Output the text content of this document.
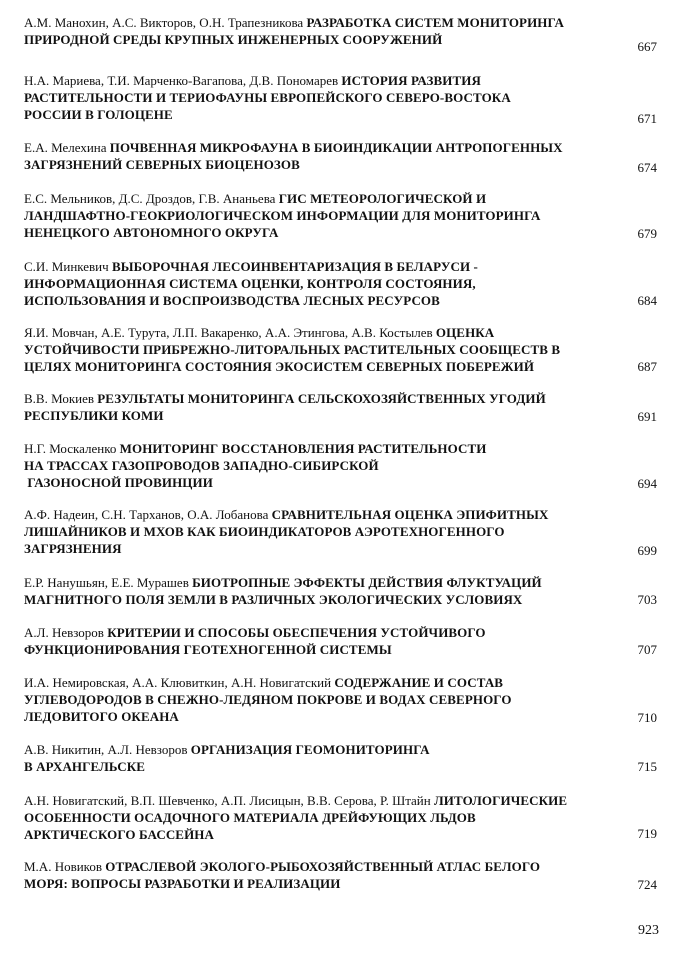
А.М. Манохин, А.С. Викторов, О.Н. Трапезникова РАЗРАБОТКА СИСТЕМ МОНИТОРИНГА
ПРИРОДНОЙ СРЕДЫ КРУПНЫХ ИНЖЕНЕРНЫХ СООРУЖЕНИЙ	667
Н.А. Мариева, Т.И. Марченко-Вагапова, Д.В. Пономарев ИСТОРИЯ РАЗВИТИЯ
РАСТИТЕЛЬНОСТИ И ТЕРИОФАУНЫ ЕВРОПЕЙСКОГО СЕВЕРО-ВОСТОКА
РОССИИ В ГОЛОЦЕНЕ	671
Е.А. Мелехина ПОЧВЕННАЯ МИКРОФАУНА В БИОИНДИКАЦИИ АНТРОПОГЕННЫХ
ЗАГРЯЗНЕНИЙ СЕВЕРНЫХ БИОЦЕНОЗОВ	674
Е.С. Мельников, Д.С. Дроздов, Г.В. Ананьева ГИС МЕТЕОРОЛОГИЧЕСКОЙ И
ЛАНДШАФТНО-ГЕОКРИОЛОГИЧЕСКОМ ИНФОРМАЦИИ ДЛЯ МОНИТОРИНГА
НЕНЕЦКОГО АВТОНОМНОГО ОКРУГА	679
С.И. Минкевич ВЫБОРОЧНАЯ ЛЕСОИНВЕНТАРИЗАЦИЯ В БЕЛАРУСИ -
ИНФОРМАЦИОННАЯ СИСТЕМА ОЦЕНКИ, КОНТРОЛЯ СОСТОЯНИЯ,
ИСПОЛЬЗОВАНИЯ И ВОСПРОИЗВОДСТВА ЛЕСНЫХ РЕСУРСОВ	684
Я.И. Мовчан, А.Е. Турута, Л.П. Вакаренко, А.А. Этингова, А.В. Костылев ОЦЕНКА
УСТОЙЧИВОСТИ ПРИБРЕЖНО-ЛИТОРАЛЬНЫХ РАСТИТЕЛЬНЫХ СООБЩЕСТВ В
ЦЕЛЯХ МОНИТОРИНГА СОСТОЯНИЯ ЭКОСИСТЕМ СЕВЕРНЫХ ПОБЕРЕЖИЙ	687
В.В. Мокиев РЕЗУЛЬТАТЫ МОНИТОРИНГА СЕЛЬСКОХОЗЯЙСТВЕННЫХ УГОДИЙ
РЕСПУБЛИКИ КОМИ	691
Н.Г. Москаленко МОНИТОРИНГ ВОССТАНОВЛЕНИЯ РАСТИТЕЛЬНОСТИ
НА ТРАССАХ ГАЗОПРОВОДОВ ЗАПАДНО-СИБИРСКОЙ
ГАЗОНОСНОЙ ПРОВИНЦИИ	694
А.Ф. Надеин, С.Н. Тарханов, О.А. Лобанова СРАВНИТЕЛЬНАЯ ОЦЕНКА ЭПИФИТНЫХ
ЛИШАЙНИКОВ И МХОВ КАК БИОИНДИКАТОРОВ АЭРОТЕХНОГЕННОГО
ЗАГРЯЗНЕНИЯ	699
Е.Р. Нанушьян, Е.Е. Мурашев БИОТРОПНЫЕ ЭФФЕКТЫ ДЕЙСТВИЯ ФЛУКТУАЦИЙ
МАГНИТНОГО ПОЛЯ ЗЕМЛИ В РАЗЛИЧНЫХ ЭКОЛОГИЧЕСКИХ УСЛОВИЯХ	703
А.Л. Невзоров КРИТЕРИИ И СПОСОБЫ ОБЕСПЕЧЕНИЯ УСТОЙЧИВОГО
ФУНКЦИОНИРОВАНИЯ ГЕОТЕХНОГЕННОЙ СИСТЕМЫ	707
И.А. Немировская, А.А. Клювиткин, А.Н. Новигатский СОДЕРЖАНИЕ И СОСТАВ
УГЛЕВОДОРОДОВ В СНЕЖНО-ЛЕДЯНОМ ПОКРОВЕ И ВОДАХ СЕВЕРНОГО
ЛЕДОВИТОГО ОКЕАНА	710
А.В. Никитин, А.Л. Невзоров ОРГАНИЗАЦИЯ ГЕОМОНИТОРИНГА
В АРХАНГЕЛЬСКЕ	715
А.Н. Новигатский, В.П. Шевченко, А.П. Лисицын, В.В. Серова, Р. Штайн ЛИТОЛОГИЧЕСКИЕ
ОСОБЕННОСТИ ОСАДОЧНОГО МАТЕРИАЛА ДРЕЙФУЮЩИХ ЛЬДОВ
АРКТИЧЕСКОГО БАССЕЙНА	719
М.А. Новиков ОТРАСЛЕВОЙ ЭКОЛОГО-РЫБОХОЗЯЙСТВЕННЫЙ АТЛАС БЕЛОГО
МОРЯ: ВОПРОСЫ РАЗРАБОТКИ И РЕАЛИЗАЦИИ	724
923
